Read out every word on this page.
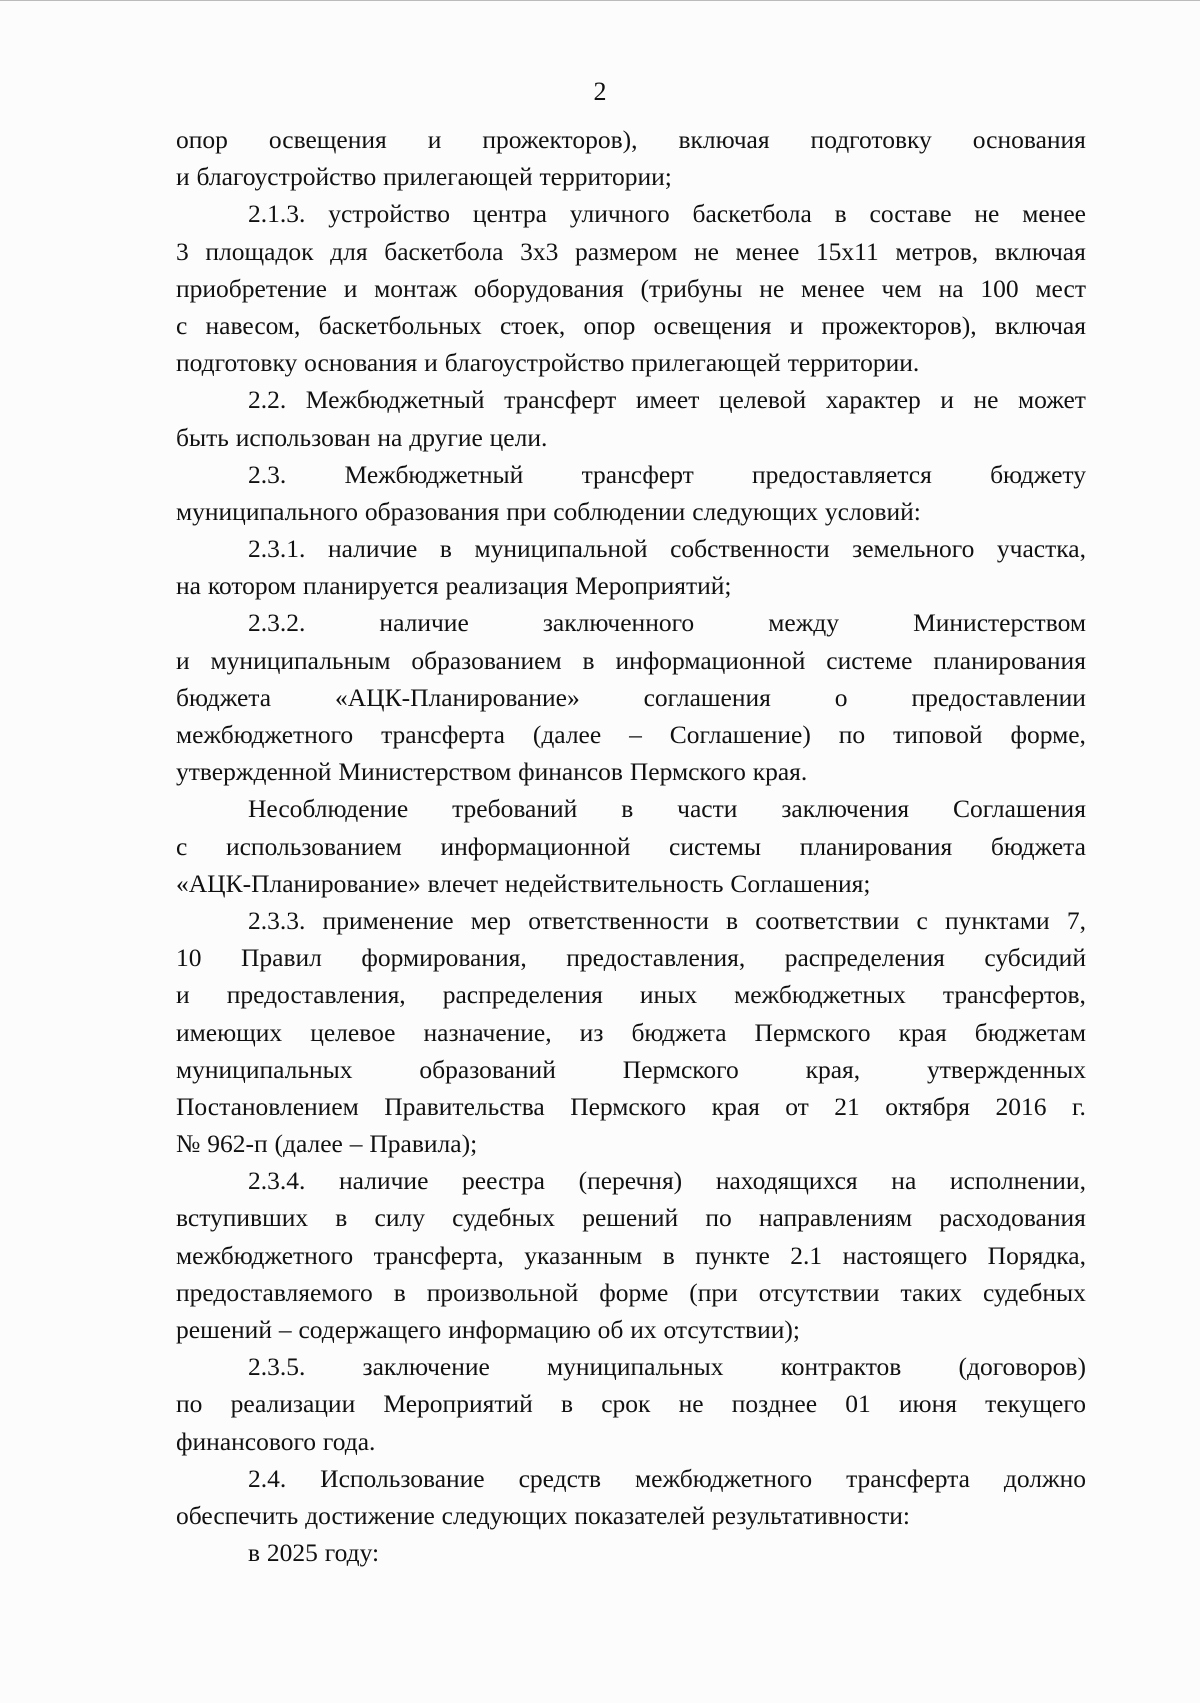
2
опор освещения и прожекторов), включая подготовку основания
и благоустройство прилегающей территории;
2.1.3. устройство центра уличного баскетбола в составе не менее
3 площадок для баскетбола 3х3 размером не менее 15х11 метров, включая
приобретение и монтаж оборудования (трибуны не менее чем на 100 мест
с навесом, баскетбольных стоек, опор освещения и прожекторов), включая
подготовку основания и благоустройство прилегающей территории.
2.2. Межбюджетный трансферт имеет целевой характер и не может
быть использован на другие цели.
2.3. Межбюджетный трансферт предоставляется бюджету
муниципального образования при соблюдении следующих условий:
2.3.1. наличие в муниципальной собственности земельного участка,
на котором планируется реализация Мероприятий;
2.3.2.	наличие	заключенного	между	Министерством
и муниципальным образованием в информационной системе планирования
бюджета	«АЦК-Планирование»	соглашения	о	предоставлении
межбюджетного трансферта (далее – Соглашение) по типовой форме,
утвержденной Министерством финансов Пермского края.
Несоблюдение требований в части заключения Соглашения
с использованием информационной системы планирования бюджета
«АЦК-Планирование» влечет недействительность Соглашения;
2.3.3. применение мер ответственности в соответствии с пунктами 7,
10 Правил формирования, предоставления, распределения субсидий
и предоставления, распределения иных межбюджетных трансфертов,
имеющих целевое назначение, из бюджета Пермского края бюджетам
муниципальных	образований	Пермского	края,	утвержденных
Постановлением Правительства Пермского края от 21 октября 2016 г.
№ 962-п (далее – Правила);
2.3.4. наличие реестра (перечня) находящихся на исполнении,
вступивших в силу судебных решений по направлениям расходования
межбюджетного трансферта, указанным в пункте 2.1 настоящего Порядка,
предоставляемого в произвольной форме (при отсутствии таких судебных
решений – содержащего информацию об их отсутствии);
2.3.5. заключение муниципальных контрактов (договоров)
по реализации Мероприятий в срок не позднее 01 июня текущего
финансового года.
2.4. Использование средств межбюджетного трансферта должно
обеспечить достижение следующих показателей результативности:
в 2025 году:
